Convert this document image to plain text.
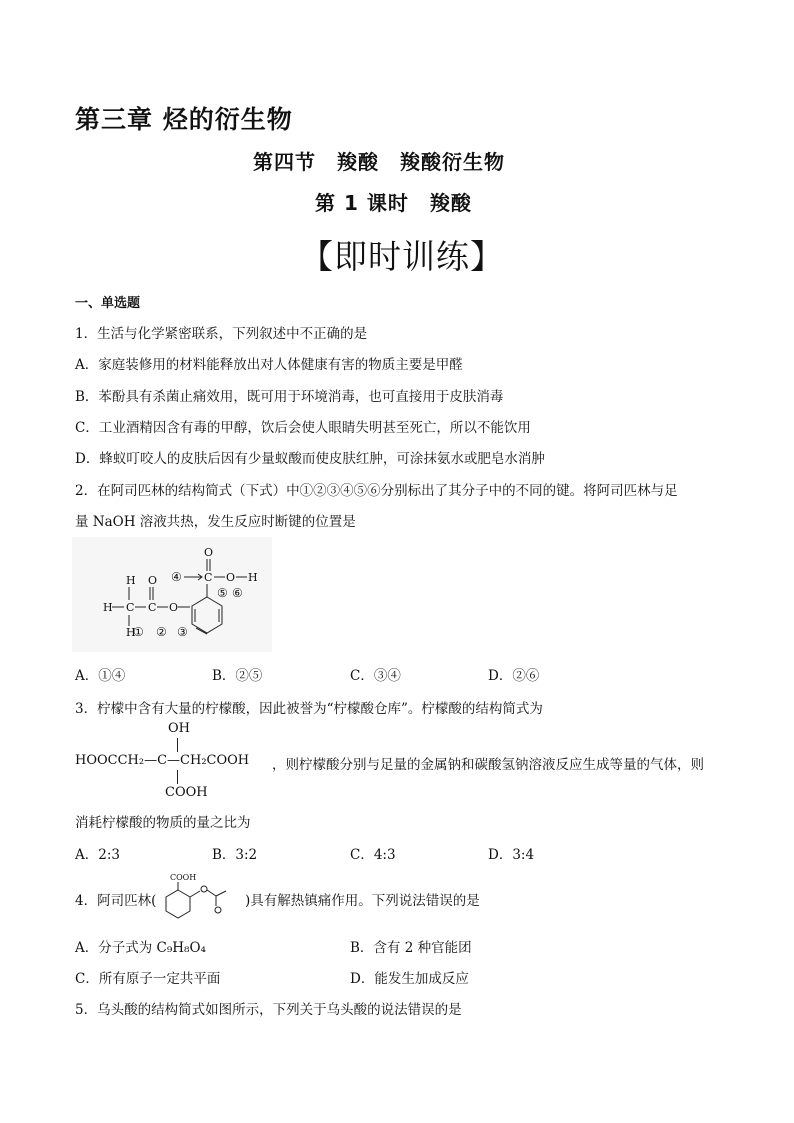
第三章 烃的衍生物
第四节　羧酸　羧酸衍生物
第 1 课时　羧酸
【即时训练】
一、单选题
1．生活与化学紧密联系，下列叙述中不正确的是
A．家庭装修用的材料能释放出对人体健康有害的物质主要是甲醛
B．苯酚具有杀菌止痛效用，既可用于环境消毒，也可直接用于皮肤消毒
C．工业酒精因含有毒的甲醇，饮后会使人眼睛失明甚至死亡，所以不能饮用
D．蜂蚁叮咬人的皮肤后因有少量蚁酸而使皮肤红肿，可涂抹氨水或肥皂水消肿
2．在阿司匹林的结构简式（下式）中①②③④⑤⑥分别标出了其分子中的不同的键。将阿司匹林与足
量 NaOH 溶液共热，发生反应时断键的位置是
H
H
H
C C
O
O
C
O
O H
① ② ③
④
⑤ ⑥
A．①④	B．②⑤	C．③④	D．②⑥
3．柠檬中含有大量的柠檬酸，因此被誉为“柠檬酸仓库”。柠檬酸的结构简式为
OH
HOOCCH₂—C—CH₂COOH
COOH
，则柠檬酸分别与足量的金属钠和碳酸氢钠溶液反应生成等量的气体，则
消耗柠檬酸的物质的量之比为
A．2:3	B．3:2	C．4:3	D．3:4
4．阿司匹林(
COOH
)具有解热镇痛作用。下列说法错误的是
A．分子式为 C₉H₈O₄	B．含有 2 种官能团
C．所有原子一定共平面	D．能发生加成反应
5．乌头酸的结构简式如图所示，下列关于乌头酸的说法错误的是
